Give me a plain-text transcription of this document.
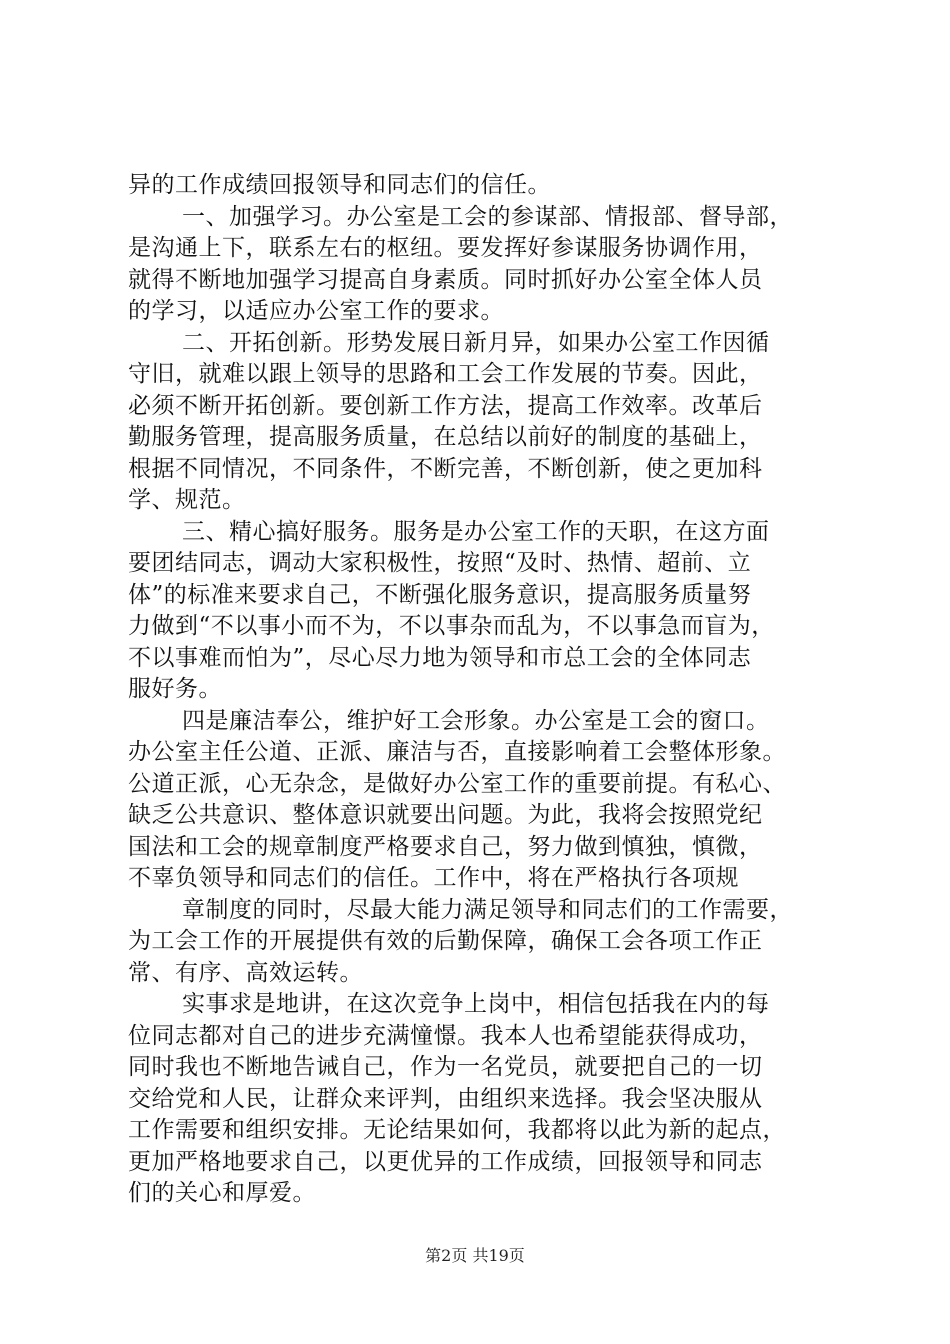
异的工作成绩回报领导和同志们的信任。
一、加强学习。办公室是工会的参谋部、情报部、督导部，
是沟通上下，联系左右的枢纽。要发挥好参谋服务协调作用，
就得不断地加强学习提高自身素质。同时抓好办公室全体人员
的学习，以适应办公室工作的要求。
二、开拓创新。形势发展日新月异，如果办公室工作因循
守旧，就难以跟上领导的思路和工会工作发展的节奏。因此，
必须不断开拓创新。要创新工作方法，提高工作效率。改革后
勤服务管理，提高服务质量，在总结以前好的制度的基础上，
根据不同情况，不同条件，不断完善，不断创新，使之更加科
学、规范。
三、精心搞好服务。服务是办公室工作的天职，在这方面
要团结同志，调动大家积极性，按照“及时、热情、超前、立
体”的标准来要求自己，不断强化服务意识，提高服务质量努
力做到“不以事小而不为，不以事杂而乱为，不以事急而盲为，
不以事难而怕为”，尽心尽力地为领导和市总工会的全体同志
服好务。
四是廉洁奉公，维护好工会形象。办公室是工会的窗口。
办公室主任公道、正派、廉洁与否，直接影响着工会整体形象。
公道正派，心无杂念，是做好办公室工作的重要前提。有私心、
缺乏公共意识、整体意识就要出问题。为此，我将会按照党纪
国法和工会的规章制度严格要求自己，努力做到慎独，慎微，
不辜负领导和同志们的信任。工作中，将在严格执行各项规
章制度的同时，尽最大能力满足领导和同志们的工作需要，
为工会工作的开展提供有效的后勤保障，确保工会各项工作正
常、有序、高效运转。
实事求是地讲，在这次竞争上岗中，相信包括我在内的每
位同志都对自己的进步充满憧憬。我本人也希望能获得成功，
同时我也不断地告诫自己，作为一名党员，就要把自己的一切
交给党和人民，让群众来评判，由组织来选择。我会坚决服从
工作需要和组织安排。无论结果如何，我都将以此为新的起点，
更加严格地要求自己，以更优异的工作成绩，回报领导和同志
们的关心和厚爱。
第2页 共19页
